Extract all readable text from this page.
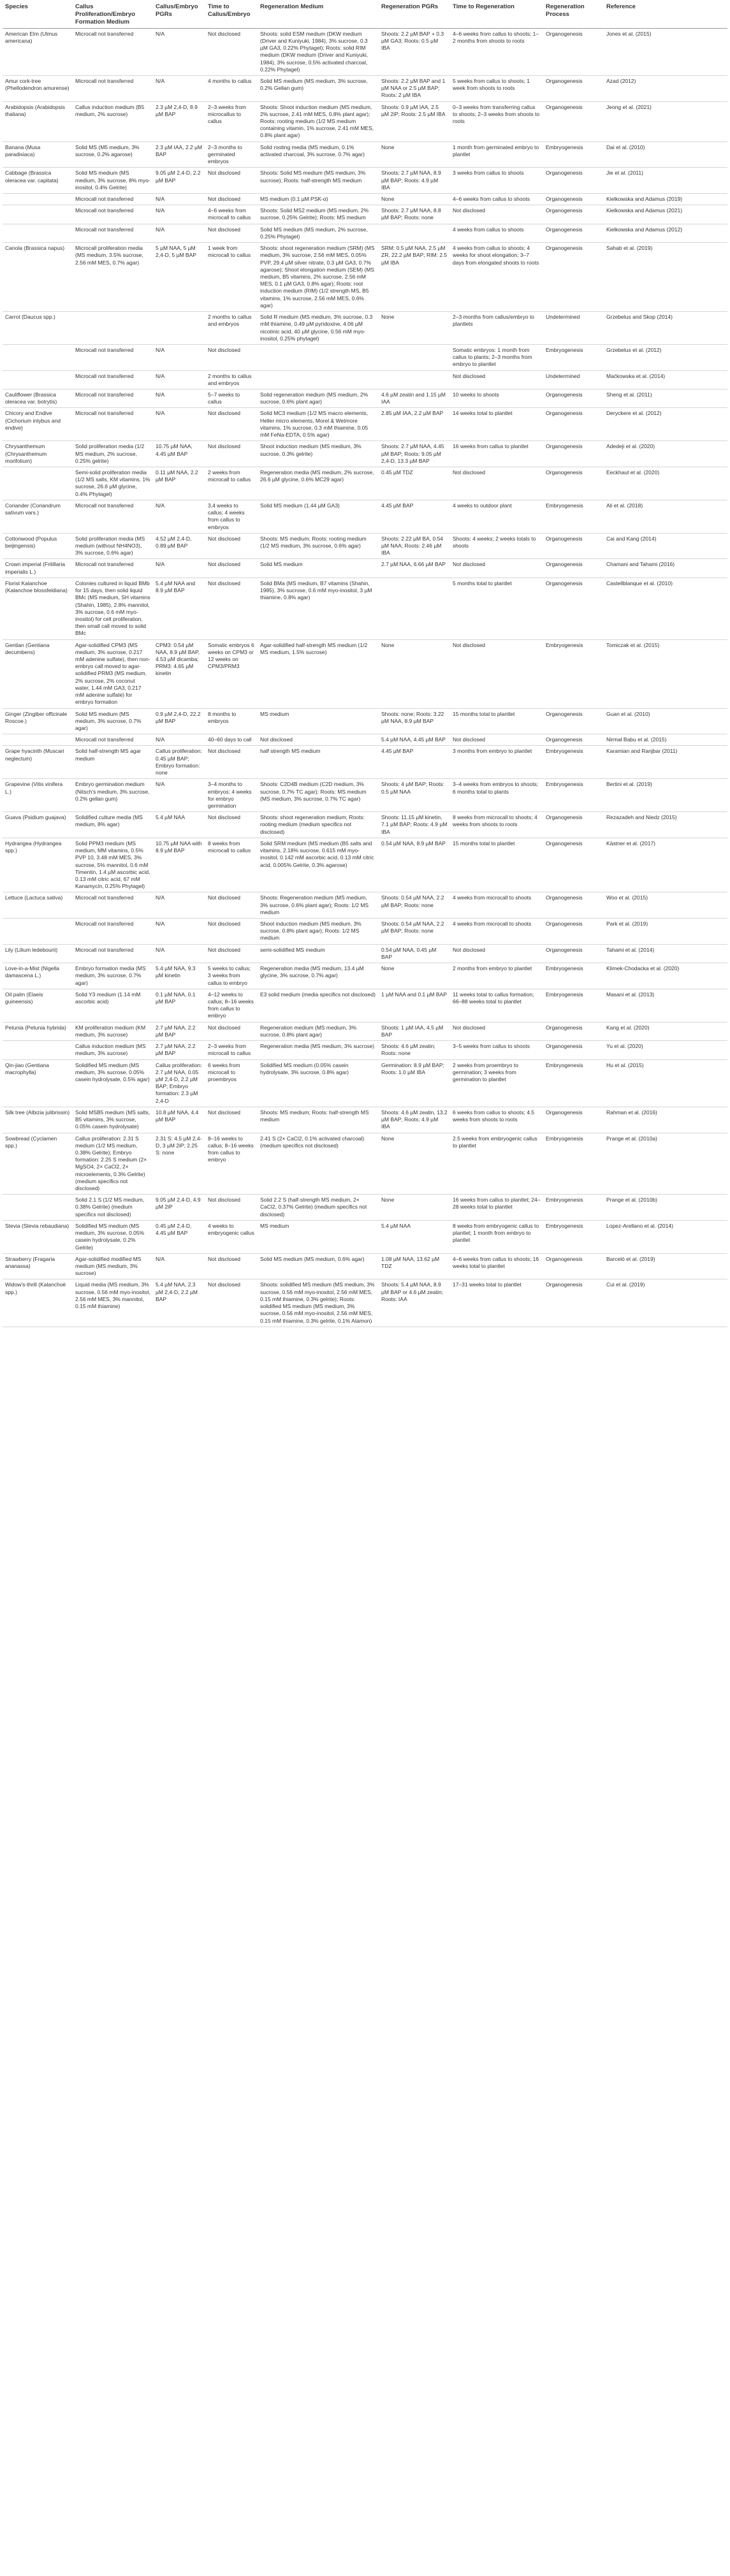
Species	Callus Proliferation/Embryo Formation Medium	Callus/Embryo PGRs	Time to Callus/Embryo	Regeneration Medium	Regeneration PGRs	Time to Regeneration	Regeneration Process	Reference
American Elm (Ulmus americana)	Microcall not transferred	N/A	Not disclosed	Shoots: solid ESM medium (DKW medium (Driver and Kuniyuki, 1984), 3% sucrose, 0.3 µM GA3, 0.22% Phytagel); Roots: solid RIM medium (DKW medium (Driver and Kuniyuki, 1984), 3% sucrose, 0.5% activated charcoal, 0.22% Phytagel)	Shoots: 2.2 µM BAP + 0.3 µM GA3; Roots: 0.5 µM IBA	4–6 weeks from callus to shoots; 1–2 months from shoots to roots	Organogenesis	Jones et al. (2015)
Amur cork-tree (Phellodendron amurense)	Microcall not transferred	N/A	4 months to callus	Solid MS medium (MS medium, 3% sucrose, 0.2% Gellan gum)	Shoots: 2.2 µM BAP and 1 µM NAA or 2.5 µM BAP; Roots: 2 µM IBA	5 weeks from callus to shoots; 1 week from shoots to roots	Organogenesis	Azad (2012)
Arabidopsis (Arabidopsis thaliana)	Callus induction medium (B5 medium, 2% sucrose)	2.3 µM 2,4-D, 8.9 µM BAP	2–3 weeks from microcallus to callus	Shoots: Shoot induction medium (MS medium, 2% sucrose, 2.41 mM MES, 0.8% plant agar); Roots: rooting medium (1/2 MS medium containing vitamin, 1% sucrose, 2.41 mM MES, 0.8% plant agar)	Shoots: 0.9 µM IAA, 2.5 µM 2iP; Roots: 2.5 µM IBA	0–3 weeks from transferring callus to shoots; 2–3 weeks from shoots to roots	Organogenesis	Jeong et al. (2021)
Banana (Musa paradisiaca)	Solid MS (M5 medium, 3% sucrose, 0.2% agarose)	2.3 µM IAA, 2.2 µM BAP	2–3 months to germinated embryos	Solid rooting media (MS medium, 0.1% activated charcoal, 3% sucrose, 0.7% agar)	None	1 month from germinated embryo to plantlet	Embryogenesis	Dai et al. (2010)
Cabbage (Brassica oleracea var. capitata)	Solid MS medium (MS medium, 3% sucrose, 8% myo-inositol, 0.4% Gelrite)	9.05 µM 2,4-D, 2.2 µM BAP	Not disclosed	Shoots: Solid MS medium (MS medium, 3% sucrose); Roots: half-strength MS medium	Shoots: 2.7 µM NAA, 8.9 µM BAP; Roots: 4.9 µM IBA	3 weeks from callus to shoots	Organogenesis	Jie et al. (2011)
	Microcall not transferred	N/A	Not disclosed	MS medium (0.1 µM PSK-α)	None	4–6 weeks from callus to shoots	Organogenesis	Kielkowska and Adamus (2019)
	Microcall not transferred	N/A	4–6 weeks from microcall to callus	Shoots: Solid MS2 medium (MS medium, 2% sucrose, 0.25% Gelrite); Roots: MS medium	Shoots: 2.7 µM NAA, 8.8 µM BAP; Roots: none	Not disclosed	Organogenesis	Kielkowska and Adamus (2021)
	Microcall not transferred	N/A	Not disclosed	Solid MS medium (MS medium, 2% sucrose, 0.25% Phytagel)		4 weeks from callus to shoots	Organogenesis	Kielkowska and Adamus (2012)
Canola (Brassica napus)	Microcall proliferation media (MS medium, 3.5% sucrose, 2.56 mM MES, 0.7% agar)	5 µM NAA, 5 µM 2,4-D, 5 µM BAP	1 week from microcall to callus	Shoots: shoot regeneration medium (SRM) (MS medium, 3% sucrose, 2.56 mM MES, 0.05% PVP, 29.4 µM silver nitrate, 0.3 µM GA3, 0.7% agarose); Shoot elongation medium (SEM) (MS medium, B5 vitamins, 2% sucrose, 2.56 mM MES, 0.1 µM GA3, 0.8% agar); Roots: root induction medium (RIM) (1/2 strength MS, B5 vitamins, 1% sucrose, 2.56 mM MES, 0.6% agar)	SRM: 0.5 µM NAA, 2.5 µM ZR, 22.2 µM BAP; RIM: 2.5 µM IBA	4 weeks from callus to shoots; 4 weeks for shoot elongation; 3–7 days from elongated shoots to roots	Organogenesis	Sahab et al. (2019)
Carrot (Daucus spp.)			2 months to callus and embryos	Solid R medium (MS medium, 3% sucrose, 0.3 mM thiamine, 0.49 µM pyridoxine, 4.06 µM nicotinic acid, 40 µM glycine, 0.56 mM myo-inositol, 0.25% phytagel)	None	2–3 months from callus/embryo to plantlets	Undetermined	Grzebelus and Skop (2014)
	Microcall not transferred	N/A	Not disclosed			Somatic embryos: 1 month from callus to plants; 2–3 months from embryo to plantlet	Embryogenesis	Grzebelus et al. (2012)
	Microcall not transferred	N/A	2 months to callus and embryos			Not disclosed	Undetermined	Maćkowska et al. (2014)
Cauliflower (Brassica oleracea var. botrytis)	Microcall not transferred	N/A	5–7 weeks to callus	Solid regeneration medium (MS medium, 2% sucrose, 0.6% plant agar)	4.6 µM zeatin and 1.15 µM IAA	10 weeks to shoots	Organogenesis	Sheng et al. (2011)
Chicory and Endive (Cichorium intybus and endive)	Microcall not transferred	N/A	Not disclosed	Solid MC3 medium (1/2 MS macro elements, Heller micro elements, Morel & Wetmore vitamins, 1% sucrose, 0.3 mM thiamine, 0.05 mM FeNa-EDTA, 0.5% agar)	2.85 µM IAA, 2.2 µM BAP	14 weeks total to plantlet	Organogenesis	Deryckere et al. (2012)
Chrysanthemum (Chrysanthemum morifolium)	Solid proliferation media (1/2 MS medium, 2% sucrose, 0.25% gelrite)	10.75 µM NAA, 4.45 µM BAP	Not disclosed	Shoot induction medium (MS medium, 3% sucrose, 0.3% gelrite)	Shoots: 2.7 µM NAA, 4.45 µM BAP; Roots: 9.05 µM 2,4-D, 13.3 µM BAP	16 weeks from callus to plantlet	Organogenesis	Adedeji et al. (2020)
	Semi-solid proliferation media (1/2 MS salts, KM vitamins, 1% sucrose, 26.6 µM glycine, 0.4% Phytagel)	0.11 µM NAA, 2.2 µM BAP	2 weeks from microcall to callus	Regeneration media (MS medium, 2% sucrose, 26.6 µM glycine, 0.6% MC29 agar)	0.45 µM TDZ	Not disclosed	Organogenesis	Eeckhaut et al. (2020)
Coriander (Coriandrum sativum vars.)	Microcall not transferred	N/A	3,4 weeks to callus; 4 weeks from callus to embryos	Solid MS medium (1.44 µM GA3)	4.45 µM BAP	4 weeks to outdoor plant	Embryogenesis	Ali et al. (2018)
Cottonwood (Populus beijingensis)	Solid proliferation media (MS medium (without NH4NO3), 3% sucrose, 0.6% agar)	4.52 µM 2,4-D, 0.89 µM BAP	Not disclosed	Shoots: MS medium; Roots: rooting medium (1/2 MS medium, 3% sucrose, 0.6% agar)	Shoots: 2.22 µM BA, 0.54 µM NAA; Roots: 2.46 µM IBA	Shoots: 4 weeks; 2 weeks totals to shoots	Organogenesis	Cai and Kang (2014)
Crown imperial (Fritillaria imperialis L.)	Microcall not transferred	N/A	Not disclosed	Solid MS medium	2.7 µM NAA, 6.66 µM BAP	Not disclosed	Organogenesis	Chamani and Tahami (2016)
Florist Kalanchoe (Kalanchoe blossfeldiana)	Colonies cultured in liquid BMb for 15 days, then solid liquid BMc (MS medium, SH vitamins (Shahin, 1985), 2.8% mannitol, 3% sucrose, 0.6 mM myo-inositol) for cell proliferation, then small call moved to solid BMc	5.4 µM NAA and 8.9 µM BAP	Not disclosed	Solid BMa (MS medium, B7 vitamins (Shahin, 1985), 3% sucrose, 0.6 mM myo-inositol, 3 µM thiamine, 0.8% agar)		5 months total to plantlet	Organogenesis	Castellblanque et al. (2010)
Gentian (Gentiana decumbens)	Agar-solidified CPM3 (MS medium, 3% sucrose, 0.217 mM adenine sulfate), then non-embryo call moved to agar-solidified PRM3 (MS medium, 2% sucrose, 2% coconut water, 1.44 mM GA3, 0.217 mM adenine sulfate) for embryo formation	CPM3: 0.54 µM NAA, 8.9 µM BAP, 4.53 µM dicamba; PRM3: 4.65 µM kinetin	Somatic embryos 6 weeks on CPM3 or 12 weeks on CPM3/PRM3	Agar-solidified half-strength MS medium (1/2 MS medium, 1.5% sucrose)	None	Not disclosed	Embryogenesis	Tomiczak et al. (2015)
Ginger (Zingiber officinale Roscoe.)	Solid MS medium (MS medium, 3% sucrose, 0.7% agar)	0.9 µM 2,4-D, 22.2 µM BAP	8 months to embryos	MS medium	Shoots: none; Roots: 3.22 µM NAA, 8.9 µM BAP	15 months total to plantlet	Organogenesis	Guan et al. (2010)
	Microcall not transferred	N/A	40–60 days to call	Not disclosed	5.4 µM NAA, 4.45 µM BAP	Not disclosed	Organogenesis	Nirmal Babu et al. (2015)
Grape hyacinth (Muscari neglectum)	Solid half-strength MS agar medium	Callus proliferation: 0.45 µM BAP; Embryo formation: none	Not disclosed	half strength MS medium	4.45 µM BAP	3 months from embryo to plantlet	Embryogenesis	Karamian and Ranjbar (2011)
Grapevine (Vitis vinifera L.)	Embryo germination medium (Nitsch's medium, 3% sucrose, 0.2% gellan gum)	N/A	3–4 months to embryos; 4 weeks for embryo germination	Shoots: C2D4B medium (C2D medium, 3% sucrose, 0.7% TC agar); Roots: MS medium (MS medium, 3% sucrose, 0.7% TC agar)	Shoots: 4 µM BAP; Roots: 0.5 µM NAA	3–4 weeks from embryos to shoots; 6 months total to plants	Embryogenesis	Bertini et al. (2019)
Guava (Psidium guajava)	Solidified culture media (MS medium, 8% agar)	5.4 µM NAA	Not disclosed	Shoots: shoot regeneration medium; Roots: rooting medium (medium specifics not disclosed)	Shoots: 11.15 µM kinetin, 7.1 µM BAP; Roots: 4.9 µM IBA	8 weeks from microcall to shoots; 4 weeks from shoots to roots	Organogenesis	Rezazadeh and Niedz (2015)
Hydrangea (Hydrangea spp.)	Solid PPM3 medium (MS medium, MM vitamins, 0.5% PVP 10, 3.48 mM MES, 3% sucrose, 5% mannitol, 0.6 mM Timentin, 1.4 µM ascorbic acid, 0.13 mM citric acid, 67 mM Kanamycin, 0.25% Phytagel)	10.75 µM NAA with 8.9 µM BAP	8 weeks from microcall to callus	Solid SRM medium (MS medium (B5 salts and vitamins, 2.18% sucrose, 0.615 mM myo-inositol, 0.142 mM ascorbic acid, 0.13 mM citric acid, 0.005% Gelrite, 0.3% agarose)	0.54 µM NAA, 8.9 µM BAP	15 months total to plantlet	Organogenesis	Kästner et al. (2017)
Lettuce (Lactuca sativa)	Microcall not transferred	N/A	Not disclosed	Shoots: Regeneration medium (MS medium, 3% sucrose, 0.6% plant agar); Roots: 1/2 MS medium	Shoots: 0.54 µM NAA, 2.2 µM BAP; Roots: none	4 weeks from microcall to shoots	Organogenesis	Woo et al. (2015)
	Microcall not transferred	N/A	Not disclosed	Shoot induction medium (MS medium, 3% sucrose, 0.8% plant agar); Roots: 1/2 MS medium	Shoots: 0.54 µM NAA, 2.2 µM BAP; Roots: none	4 weeks from microcall to shoots	Organogenesis	Park et al. (2019)
Lily (Lilium ledebourii)	Microcall not transferred	N/A	Not disclosed	semi-solidified MS medium	0.54 µM NAA, 0.45 µM BAP	Not disclosed	Organogenesis	Tahami et al. (2014)
Love-in-a-Mist (Nigella damascena L.)	Embryo formation media (MS medium, 3% sucrose, 0.7% agar)	5.4 µM NAA, 9.3 µM kinetin	5 weeks to callus; 3 weeks from callus to embryo	Regeneration media (MS medium, 13.4 µM glycine, 3% sucrose, 0.7% agar)	None	2 months from embryo to plantlet	Embryogenesis	Klimek-Chodacka et al. (2020)
Oil palm (Elaeis guineensis)	Solid Y3 medium (1.14 mM ascorbic acid)	0.1 µM NAA, 0.1 µM BAP	4–12 weeks to callus; 8–16 weeks from callus to embryo	E3 solid medium (media specifics not disclosed)	1 µM NAA and 0.1 µM BAP	11 weeks total to callus formation; 66–88 weeks total to plantlet	Embryogenesis	Masani et al. (2013)
Petunia (Petunia hybrida)	KM proliferation medium (KM medium, 3% sucrose)	2.7 µM NAA, 2.2 µM BAP	Not disclosed	Regeneration medium (MS medium, 3% sucrose, 0.8% plant agar)	Shoots: 1 µM IAA, 4.5 µM BAP	Not disclosed	Organogenesis	Kang et al. (2020)
	Callus induction medium (MS medium, 3% sucrose)	2.7 µM NAA, 2.2 µM BAP	2–3 weeks from microcall to callus	Regeneration media (MS medium, 3% sucrose)	Shoots: 4.6 µM zeatin; Roots: none	3–5 weeks from callus to shoots	Organogenesis	Yu et al. (2020)
Qin-jiao (Gentiana macrophylla)	Solidified MS medium (MS medium, 3% sucrose, 0.05% casein hydrolysate, 0.5% agar)	Callus proliferation: 2.7 µM NAA, 0.05 µM 2,4-D, 2.2 µM BAP; Embryo formation: 2.3 µM 2,4-D	6 weeks from microcall to proembryos	Solidified MS medium (0.05% casein hydrolysate, 3% sucrose, 0.8% agar)	Germination: 8.9 µM BAP; Roots: 1.0 µM IBA	2 weeks from proembryo to germination; 3 weeks from germination to plantlet	Embryogenesis	Hu et al. (2015)
Silk tree (Albizia julibrissin)	Solid MSB5 medium (MS salts, B5 vitamins, 3% sucrose, 0.05% casein hydrolysate)	10.8 µM NAA, 4.4 µM BAP	Not disclosed	Shoots: MS medium; Roots: half-strength MS medium	Shoots: 4.6 µM zeatin, 13.2 µM BAP; Roots: 4.9 µM IBA	6 weeks from callus to shoots; 4.5 weeks from shoots to roots	Organogenesis	Rahman et al. (2016)
Sowbread (Cyclamen spp.)	Callus proliferation: 2.31 S medium (1/2 MS medium, 0.38% Gelrite); Embryo formation: 2.25 S medium (2× MgSO4, 2× CaCl2, 2× microelements, 0.3% Gelrite) (medium specifics not disclosed)	2.31 S: 4.5 µM 2,4-D, 3 µM 2iP; 2.25 S: none	8–16 weeks to callus; 8–16 weeks from callus to embryo	2.41 S (2× CaCl2, 0.1% activated charcoal) (medium specifics not disclosed)	None	2.5 weeks from embryogenic callus to plantlet	Embryogenesis	Prange et al. (2010a)
	Solid 2.1 S (1/2 MS medium, 0.38% Gelrite) (medium specifics not disclosed)	9.05 µM 2,4-D, 4.9 µM 2iP	Not disclosed	Solid 2.2 S (half-strength MS medium, 2× CaCl2, 0.37% Gelrite) (medium specifics not disclosed)	None	16 weeks from callus to plantlet; 24–28 weeks total to plantlet	Embryogenesis	Prange et al. (2010b)
Stevia (Stevia rebaudiana)	Solidified MS medium (MS medium, 3% sucrose, 0.05% casein hydrolysate, 0.2% Gelrite)	0.45 µM 2,4-D, 4.45 µM BAP	4 weeks to embryogenic callus	MS medium	5.4 µM NAA	8 weeks from embryogenic callus to plantlet; 1 month from embryo to plantlet	Embryogenesis	Lopez-Arellano et al. (2014)
Strawberry (Fragaria ananassa)	Agar-solidified modified MS medium (MS medium, 3% sucrose)	N/A	Not disclosed	Solid MS medium (MS medium, 0.6% agar)	1.08 µM NAA, 13.62 µM TDZ	4–6 weeks from callus to shoots; 16 weeks total to plantlet	Organogenesis	Barceló et al. (2019)
Widow's-thrill (Kalanchoë spp.)	Liquid media (MS medium, 3% sucrose, 0.56 mM myo-inositol, 2.56 mM MES, 3% mannitol, 0.15 mM thiamine)	5.4 µM NAA, 2.3 µM 2,4-D, 2.2 µM BAP	Not disclosed	Shoots: solidified MS medium (MS medium, 3% sucrose, 0.56 mM myo-inositol, 2.56 mM MES, 0.15 mM thiamine, 0.3% gelrite); Roots: solidified MS medium (MS medium, 3% sucrose, 0.56 mM myo-inositol, 2.56 mM MES, 0.15 mM thiamine, 0.3% gelrite, 0.1% Atamon)	Shoots: 5.4 µM NAA, 8.9 µM BAP or 4.6 µM zeatin; Roots: IAA	17–31 weeks total to plantlet	Organogenesis	Cui et al. (2019)
